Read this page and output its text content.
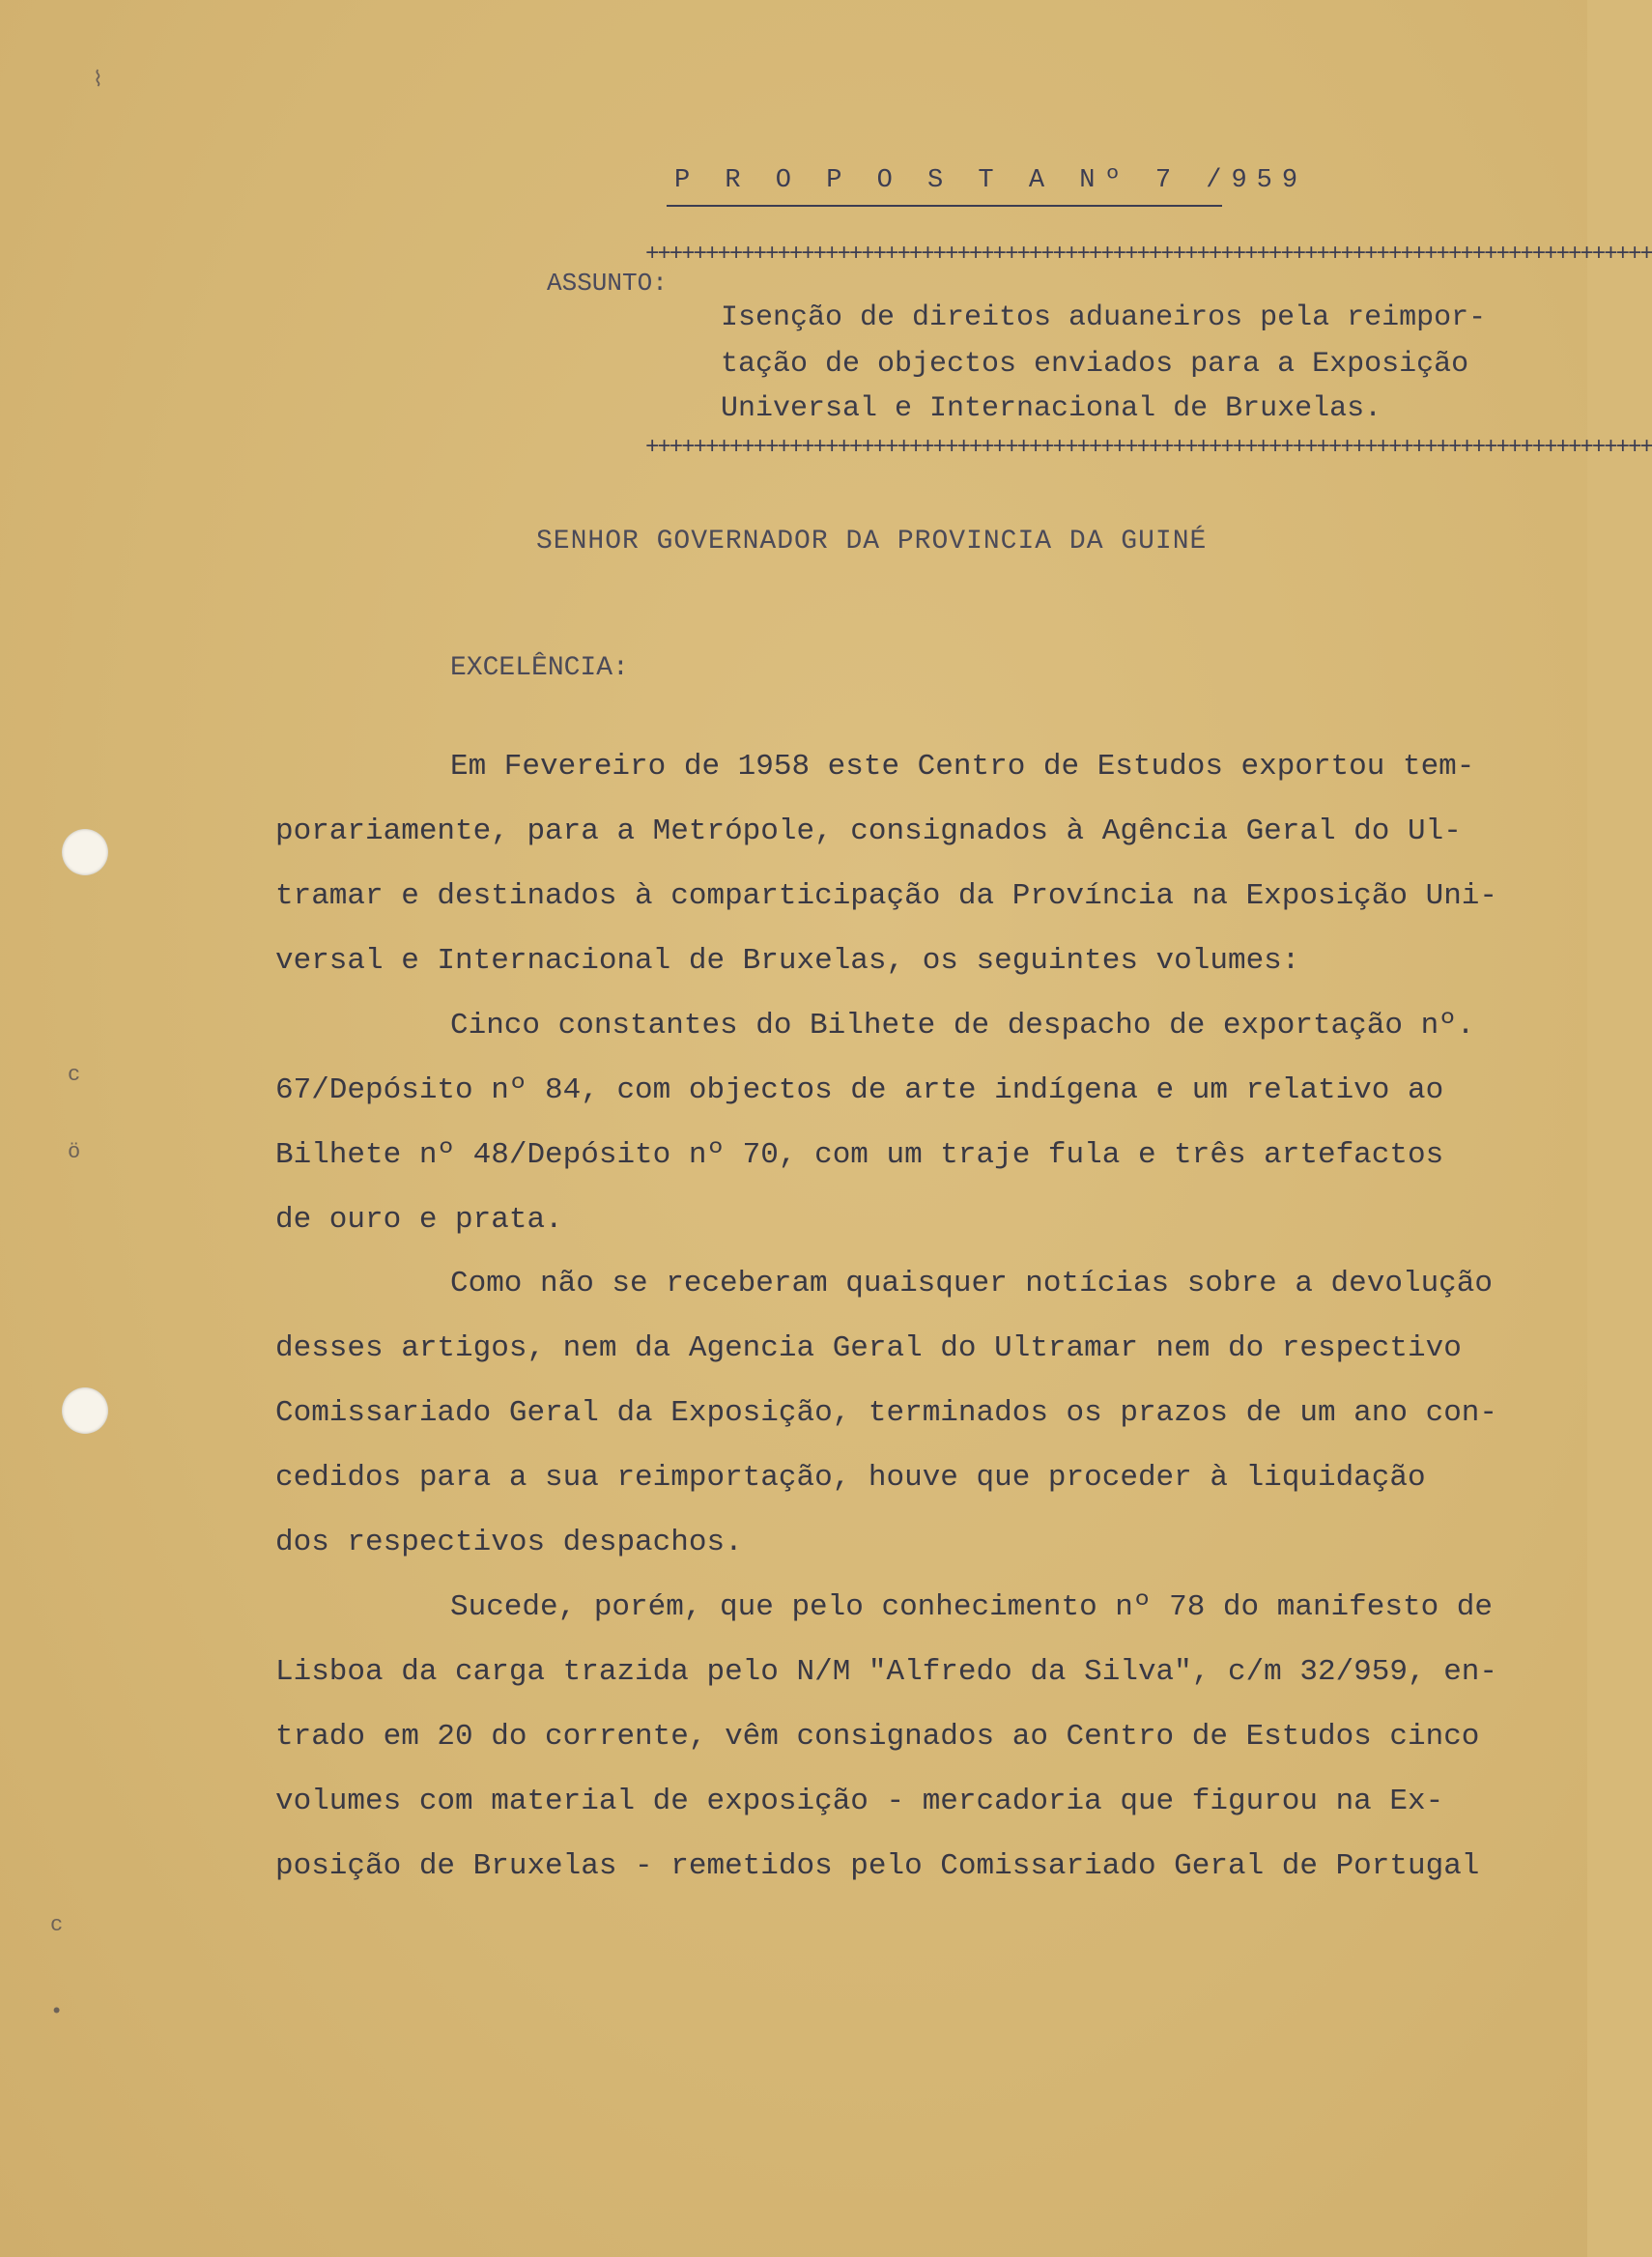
⌇
c
ö
c
•
P R O P O S T A Nº 7 /959
++++++++++++++++++++++++++++++++++++++++++++++++++++++++++++++++++++++++++++++++++++
ASSUNTO:
Isenção de direitos aduaneiros pela reimpor-
tação de objectos enviados para a Exposição
Universal e Internacional de Bruxelas.
++++++++++++++++++++++++++++++++++++++++++++++++++++++++++++++++++++++++++++++++++++
SENHOR GOVERNADOR DA PROVINCIA DA GUINÉ
EXCELÊNCIA:
Em Fevereiro de 1958 este Centro de Estudos exportou tem-
porariamente, para a Metrópole, consignados à Agência Geral do Ul-
tramar e destinados à comparticipação da Província na Exposição Uni-
versal e Internacional de Bruxelas, os seguintes volumes:
Cinco constantes do Bilhete de despacho de exportação nº.
67/Depósito nº 84, com objectos de arte indígena e um relativo ao
Bilhete nº 48/Depósito nº 70, com um traje fula e três artefactos
de ouro e prata.
Como não se receberam quaisquer notícias sobre a devolução
desses artigos, nem da Agencia Geral do Ultramar nem do respectivo
Comissariado Geral da Exposição, terminados os prazos de um ano con-
cedidos para a sua reimportação, houve que proceder à liquidação
dos respectivos despachos.
Sucede, porém, que pelo conhecimento nº 78 do manifesto de
Lisboa da carga trazida pelo N/M "Alfredo da Silva", c/m 32/959, en-
trado em 20 do corrente, vêm consignados ao Centro de Estudos cinco
volumes com material de exposição - mercadoria que figurou na Ex-
posição de Bruxelas - remetidos pelo Comissariado Geral de Portugal
